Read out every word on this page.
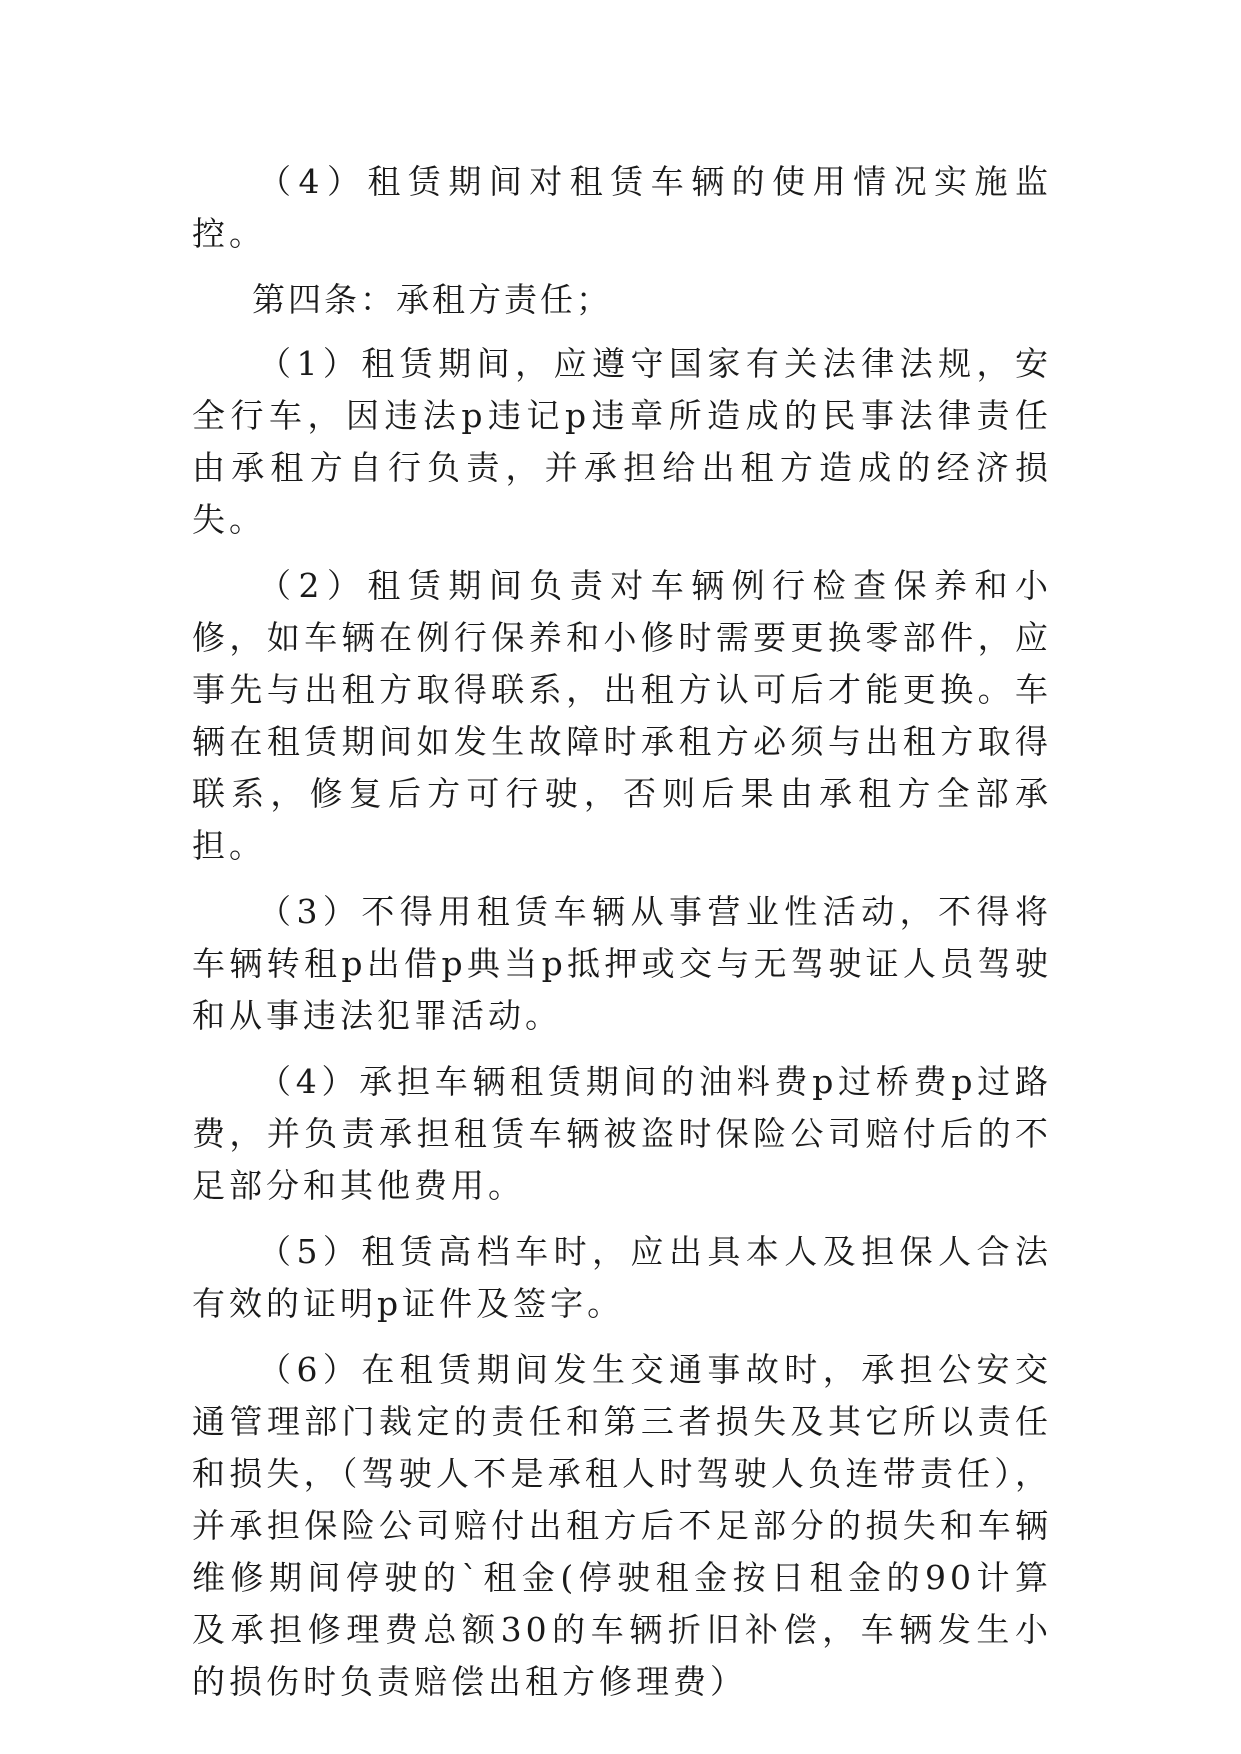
（4）租赁期间对租赁车辆的使用情况实施监控。

第四条：承租方责任；

（1）租赁期间，应遵守国家有关法律法规，安全行车，因违法p违记p违章所造成的民事法律责任由承租方自行负责，并承担给出租方造成的经济损失。

（2）租赁期间负责对车辆例行检查保养和小修，如车辆在例行保养和小修时需要更换零部件，应事先与出租方取得联系，出租方认可后才能更换。车辆在租赁期间如发生故障时承租方必须与出租方取得联系，修复后方可行驶，否则后果由承租方全部承担。

（3）不得用租赁车辆从事营业性活动，不得将车辆转租p出借p典当p抵押或交与无驾驶证人员驾驶和从事违法犯罪活动。

（4）承担车辆租赁期间的油料费p过桥费p过路费，并负责承担租赁车辆被盗时保险公司赔付后的不足部分和其他费用。

（5）租赁高档车时，应出具本人及担保人合法有效的证明p证件及签字。

（6）在租赁期间发生交通事故时，承担公安交通管理部门裁定的责任和第三者损失及其它所以责任和损失，（驾驶人不是承租人时驾驶人负连带责任），并承担保险公司赔付出租方后不足部分的损失和车辆维修期间停驶的`租金(停驶租金按日租金的90计算及承担修理费总额30的车辆折旧补偿，车辆发生小的损伤时负责赔偿出租方修理费）
